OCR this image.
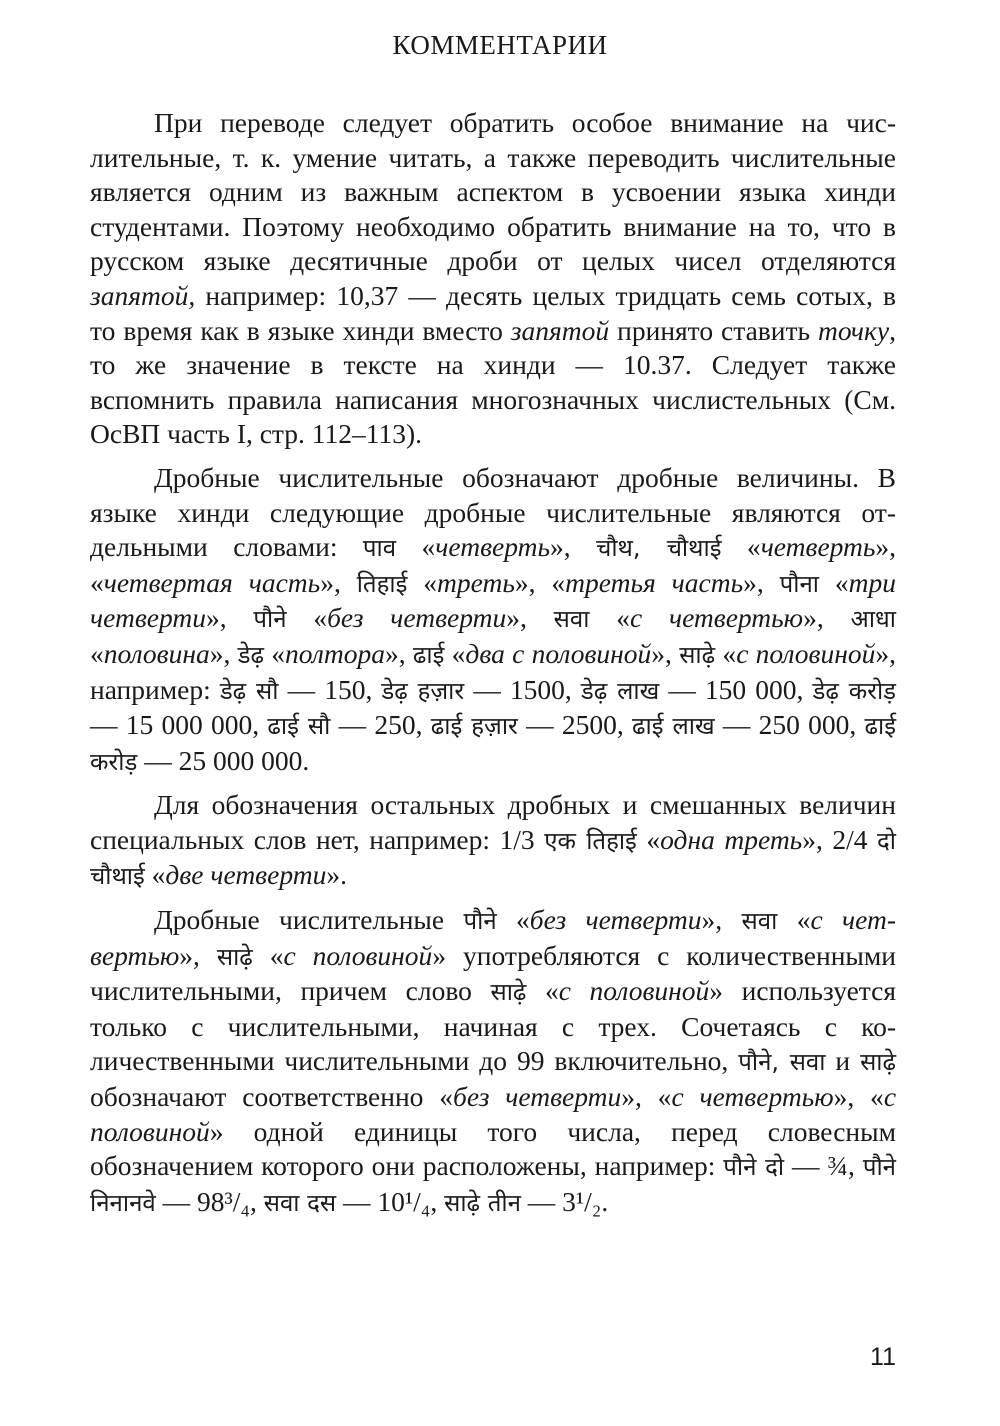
КОММЕНТАРИИ

При переводе следует обратить особое внимание на числительные, т. к. умение читать, а также переводить числительные является одним из важным аспектом в усвоении языка хинди студентами. Поэтому необходимо обратить внимание на то, что в русском языке десятичные дроби от целых чисел отделяются запятой, например: 10,37 — десять целых тридцать семь сотых, в то время как в языке хинди вместо запятой принято ставить точку, то же значение в тексте на хинди — 10.37. Следует также вспомнить правила написания многозначных числистельных (См. ОсВП часть I, стр. 112–113).

Дробные числительные обозначают дробные величины. В языке хинди следующие дробные числительные являются отдельными словами: पाव «четверть», चौथ, चौथाई «четверть», «четвертая часть», तिहाई «треть», «третья часть», पौना «три четверти», पौने «без четверти», सवा «с четвертью», आधा «половина», डेढ़ «полтора», ढाई «два с половиной», साढ़े «с половиной», например: डेढ़ सौ — 150, डेढ़ हज़ार — 1500, डेढ़ लाख — 150 000, डेढ़ करोड़ — 15 000 000, ढाई सौ — 250, ढाई हज़ार — 2500, ढाई लाख — 250 000, ढाई करोड़ — 25 000 000.

Для обозначения остальных дробных и смешанных величин специальных слов нет, например: 1/3 एक तिहाई «одна треть», 2/4 दो चौथाई «две четверти».

Дробные числительные पौने «без четверти», सवा «с четвертью», साढ़े «с половиной» употребляются с количественными числительными, причем слово साढ़े «с половиной» используется только с числительными, начиная с трех. Сочетаясь с количественными числительными до 99 включительно, पौने, सवा и साढ़े обозначают соответственно «без четверти», «с четвертью», «с половиной» одной единицы того числа, перед словесным обозначением которого они расположены, например: पौने दो — ¾, पौने निनानवे — 98³/₄, सवा दस — 10¹/₄, साढ़े तीन — 3¹/₂.

11
